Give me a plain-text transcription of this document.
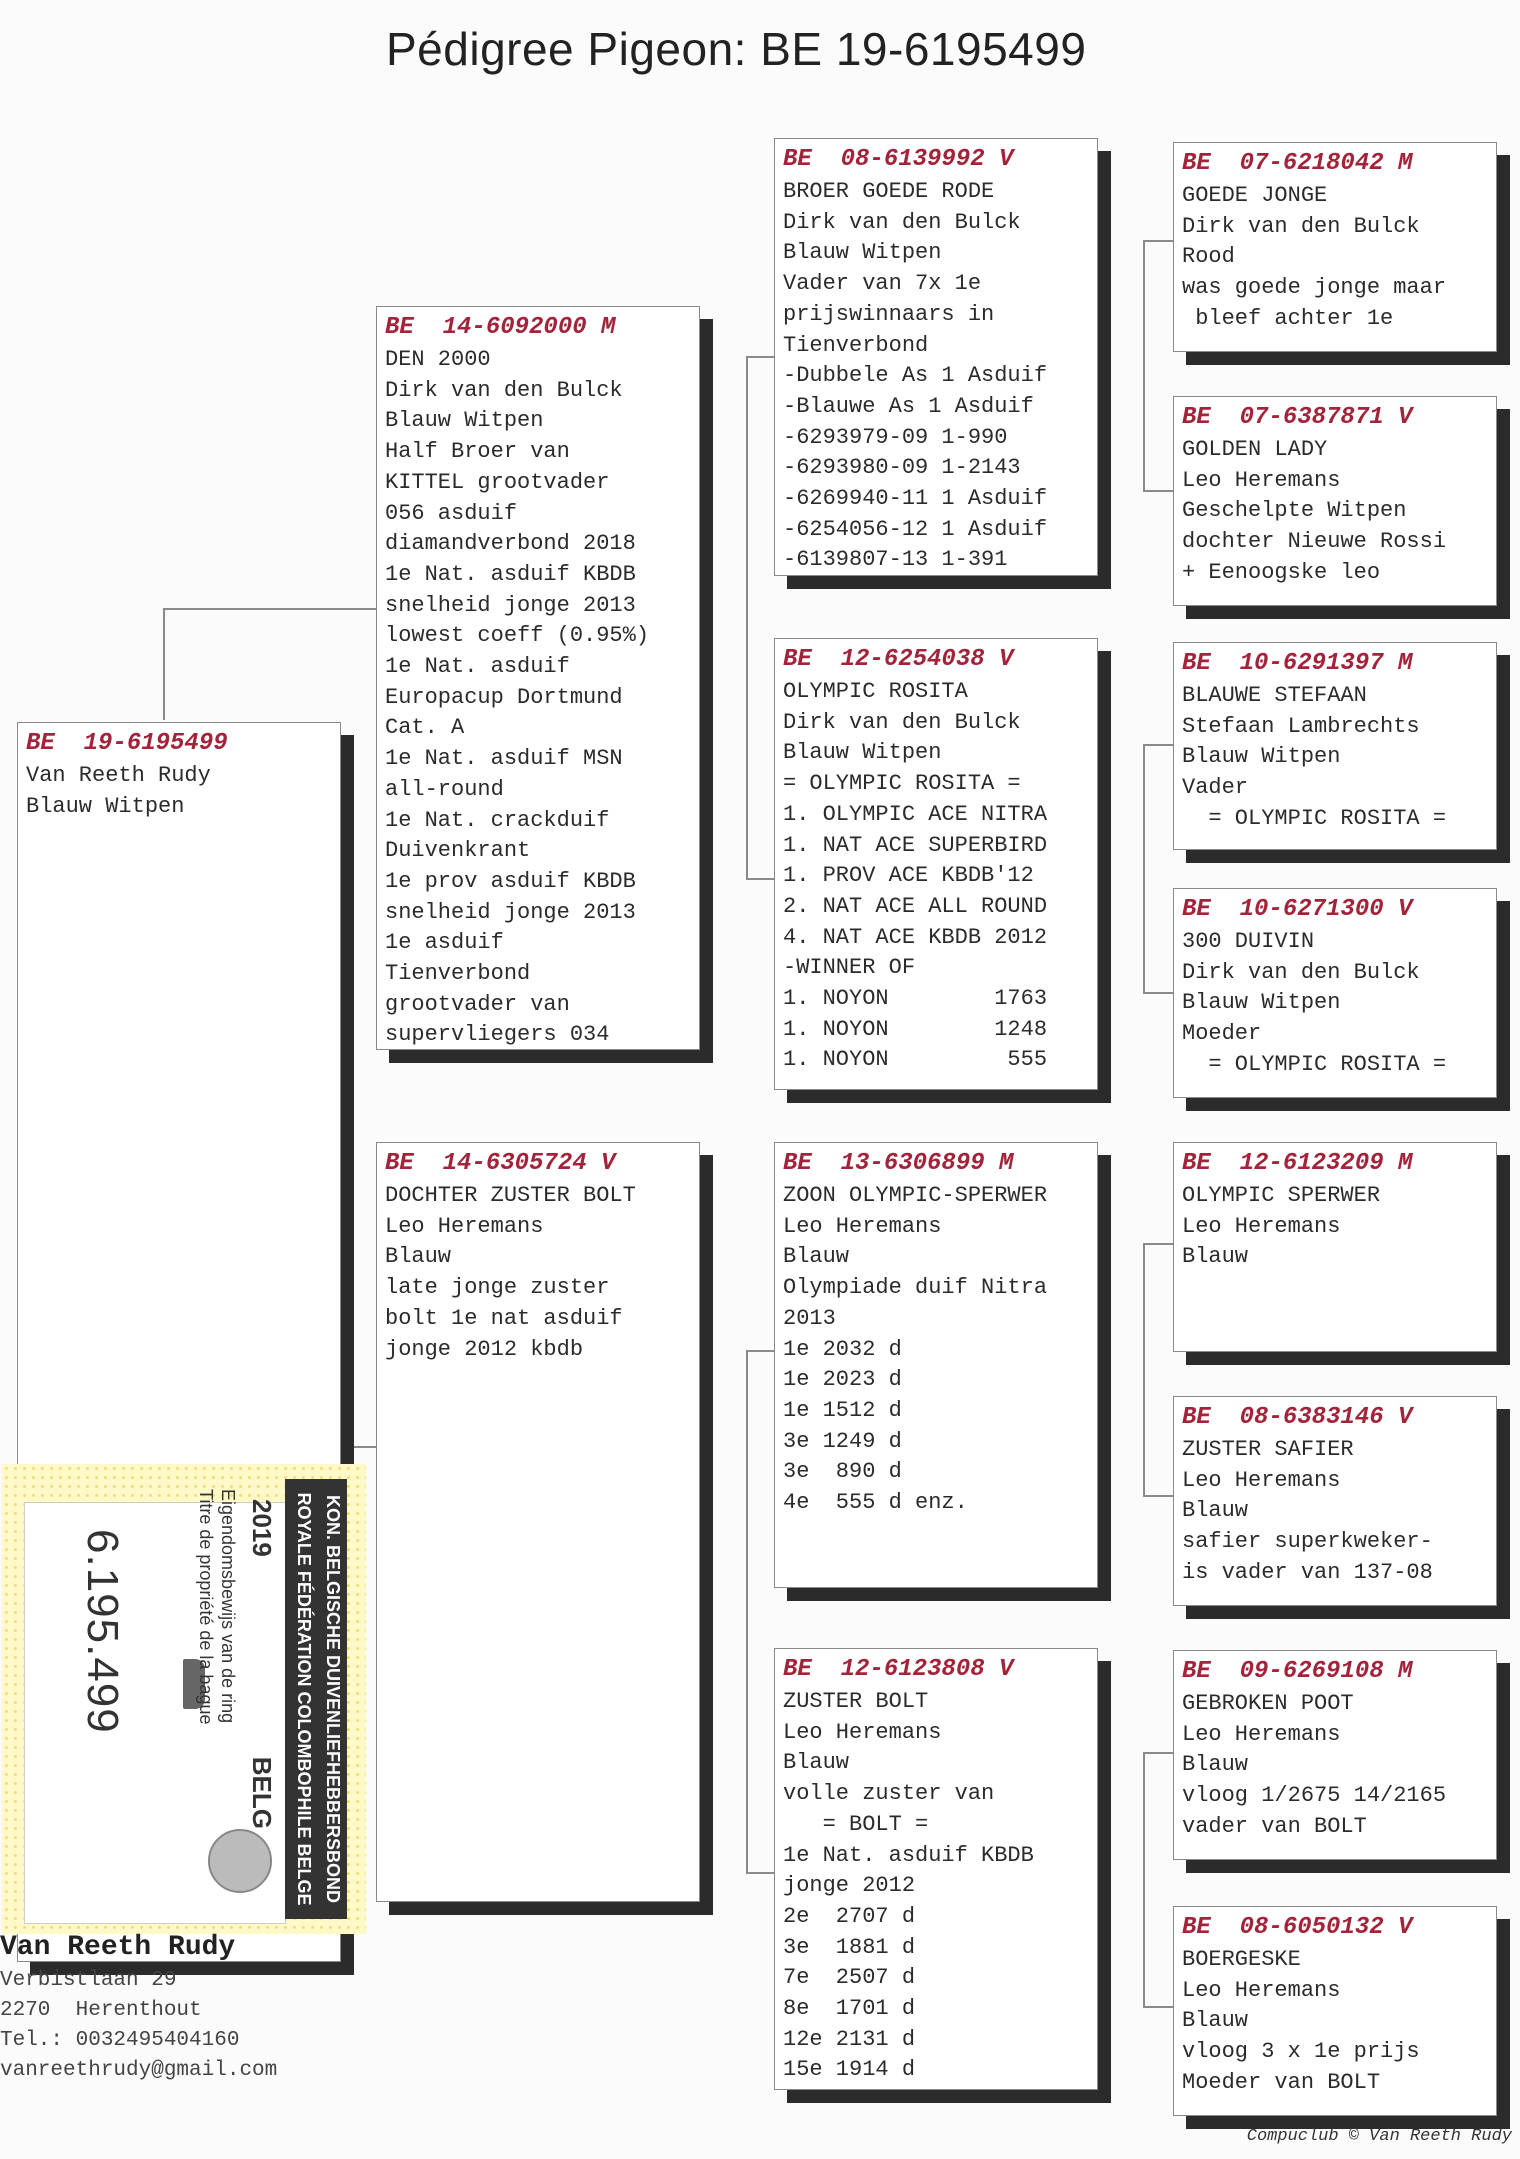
Pédigree Pigeon: BE 19-6195499
BE  19-6195499
Van Reeth Rudy
Blauw Witpen
BE  14-6092000 M
DEN 2000
Dirk van den Bulck
Blauw Witpen
Half Broer van
KITTEL grootvader
056 asduif
diamandverbond 2018
1e Nat. asduif KBDB
snelheid jonge 2013
lowest coeff (0.95%)
1e Nat. asduif
Europacup Dortmund
Cat. A
1e Nat. asduif MSN
all-round
1e Nat. crackduif
Duivenkrant
1e prov asduif KBDB
snelheid jonge 2013
1e asduif
Tienverbond
grootvader van
supervliegers 034
BE  14-6305724 V
DOCHTER ZUSTER BOLT
Leo Heremans
Blauw
late jonge zuster
bolt 1e nat asduif
jonge 2012 kbdb
BE  08-6139992 V
BROER GOEDE RODE
Dirk van den Bulck
Blauw Witpen
Vader van 7x 1e
prijswinnaars in
Tienverbond
-Dubbele As 1 Asduif
-Blauwe As 1 Asduif
-6293979-09 1-990
-6293980-09 1-2143
-6269940-11 1 Asduif
-6254056-12 1 Asduif
-6139807-13 1-391
BE  12-6254038 V
OLYMPIC ROSITA
Dirk van den Bulck
Blauw Witpen
= OLYMPIC ROSITA =
1. OLYMPIC ACE NITRA
1. NAT ACE SUPERBIRD
1. PROV ACE KBDB'12
2. NAT ACE ALL ROUND
4. NAT ACE KBDB 2012
-WINNER OF
1. NOYON        1763
1. NOYON        1248
1. NOYON         555
BE  13-6306899 M
ZOON OLYMPIC-SPERWER
Leo Heremans
Blauw
Olympiade duif Nitra
2013
1e 2032 d
1e 2023 d
1e 1512 d
3e 1249 d
3e  890 d
4e  555 d enz.
BE  12-6123808 V
ZUSTER BOLT
Leo Heremans
Blauw
volle zuster van
= BOLT =
1e Nat. asduif KBDB
jonge 2012
2e  2707 d
3e  1881 d
7e  2507 d
8e  1701 d
12e 2131 d
15e 1914 d
BE  07-6218042 M
GOEDE JONGE
Dirk van den Bulck
Rood
was goede jonge maar
bleef achter 1e
BE  07-6387871 V
GOLDEN LADY
Leo Heremans
Geschelpte Witpen
dochter Nieuwe Rossi
+ Eenoogske leo
BE  10-6291397 M
BLAUWE STEFAAN
Stefaan Lambrechts
Blauw Witpen
Vader
= OLYMPIC ROSITA =
BE  10-6271300 V
300 DUIVIN
Dirk van den Bulck
Blauw Witpen
Moeder
= OLYMPIC ROSITA =
BE  12-6123209 M
OLYMPIC SPERWER
Leo Heremans
Blauw
BE  08-6383146 V
ZUSTER SAFIER
Leo Heremans
Blauw
safier superkweker-
is vader van 137-08
BE  09-6269108 M
GEBROKEN POOT
Leo Heremans
Blauw
vloog 1/2675 14/2165
vader van BOLT
BE  08-6050132 V
BOERGESKE
Leo Heremans
Blauw
vloog 3 x 1e prijs
Moeder van BOLT
KON. BELGISCHE DUIVENLIEFHEBBERSBOND
ROYALE FÉDÉRATION COLOMBOPHILE BELGE
2019
BELG
Eigendomsbewijs van de ring
Titre de propriété de la bague
6.195.499
Van Reeth Rudy
Verbistlaan 29
2270  Herenthout
Tel.: 0032495404160
vanreethrudy@gmail.com
Compuclub © Van Reeth Rudy
